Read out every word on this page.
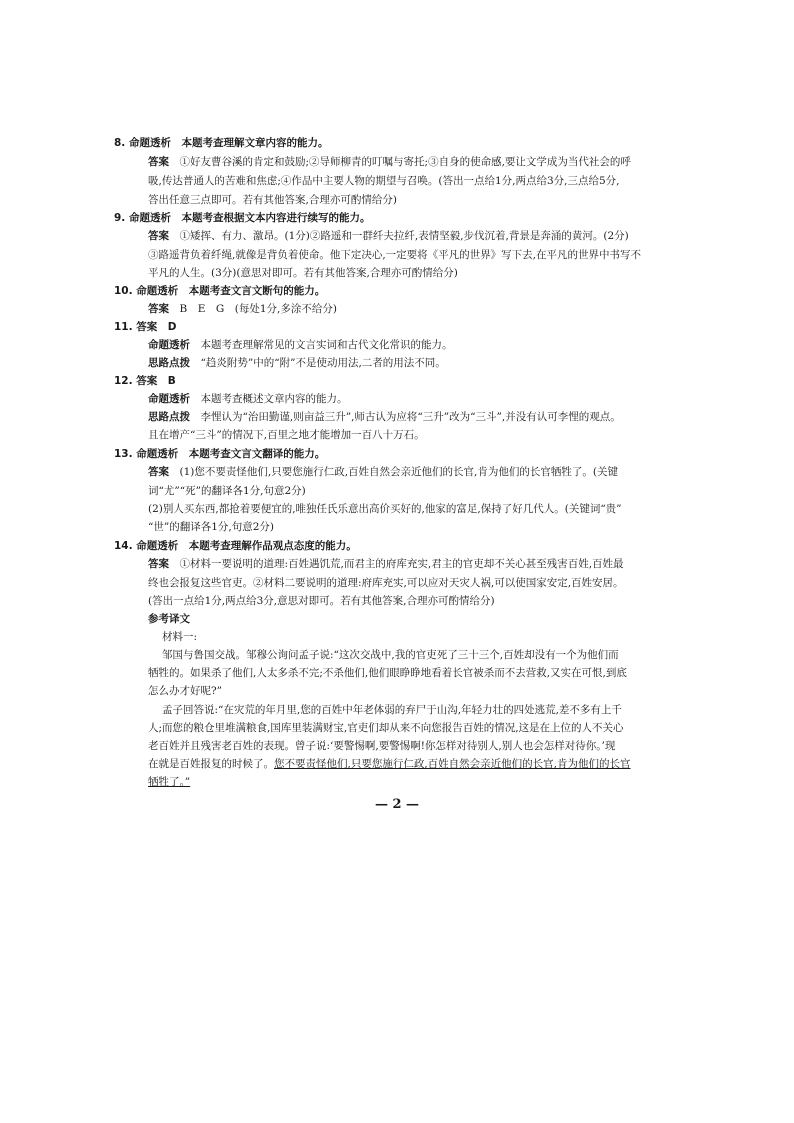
8. 命题透析　本题考查理解文章内容的能力。
答案　 ①好友曹谷溪的肯定和鼓励;②导师柳青的叮嘱与寄托;③自身的使命感,要让文学成为当代社会的呼
吸,传达普通人的苦难和焦虑;④作品中主要人物的期望与召唤。(答出一点给1分,两点给3分,三点给5分,
答出任意三点即可。若有其他答案,合理亦可酌情给分)
9. 命题透析　本题考查根据文本内容进行续写的能力。
答案　 ①矮挥、有力、激昂。(1分)②路遥和一群纤夫拉纤,表情坚毅,步伐沉着,背景是奔涌的黄河。(2分)
③路遥背负着纤绳,就像是背负着使命。他下定决心,一定要将《平凡的世界》写下去,在平凡的世界中书写不
平凡的人生。(3分)(意思对即可。若有其他答案,合理亦可酌情给分)
10. 命题透析　本题考查文言文断句的能力。
答案　 B　E　G　(每处1分,多涂不给分)
11. 答案　D
命题透析　 本题考查理解常见的文言实词和古代文化常识的能力。
思路点拨　 “趋炎附势”中的“附”不是使动用法,二者的用法不同。
12. 答案　B
命题透析　 本题考查概述文章内容的能力。
思路点拨　 李悝认为“治田勤谨,则亩益三升”,师古认为应将“三升”改为“三斗”,并没有认可李悝的观点。
且在增产“三斗”的情况下,百里之地才能增加一百八十万石。
13. 命题透析　本题考查文言文翻译的能力。
答案　 (1)您不要责怪他们,只要您施行仁政,百姓自然会亲近他们的长官,肯为他们的长官牺牲了。(关键
词“尤”“死”的翻译各1分,句意2分)
(2)别人买东西,都抢着要便宜的,唯独任氏乐意出高价买好的,他家的富足,保持了好几代人。(关键词“贵”
“世”的翻译各1分,句意2分)
14. 命题透析　本题考查理解作品观点态度的能力。
答案　 ①材料一要说明的道理:百姓遇饥荒,而君主的府库充实,君主的官吏却不关心甚至残害百姓,百姓最
终也会报复这些官吏。②材料二要说明的道理:府库充实,可以应对天灾人祸,可以使国家安定,百姓安居。
(答出一点给1分,两点给3分,意思对即可。若有其他答案,合理亦可酌情给分)
参考译文
材料一:
邹国与鲁国交战。邹穆公询问孟子说:“这次交战中,我的官吏死了三十三个,百姓却没有一个为他们而
牺牲的。如果杀了他们,人太多杀不完;不杀他们,他们眼睁睁地看着长官被杀而不去营救,又实在可恨,到底
怎么办才好呢?”
孟子回答说:“在灾荒的年月里,您的百姓中年老体弱的弃尸于山沟,年轻力壮的四处逃荒,差不多有上千
人;而您的粮仓里堆满粮食,国库里装满财宝,官吏们却从来不向您报告百姓的情况,这是在上位的人不关心
老百姓并且残害老百姓的表现。曾子说:‘要警惕啊,要警惕啊!你怎样对待别人,别人也会怎样对待你。’现
在就是百姓报复的时候了。您不要责怪他们,只要您施行仁政,百姓自然会亲近他们的长官,肯为他们的长官
牺牲了。”
— 2 —
